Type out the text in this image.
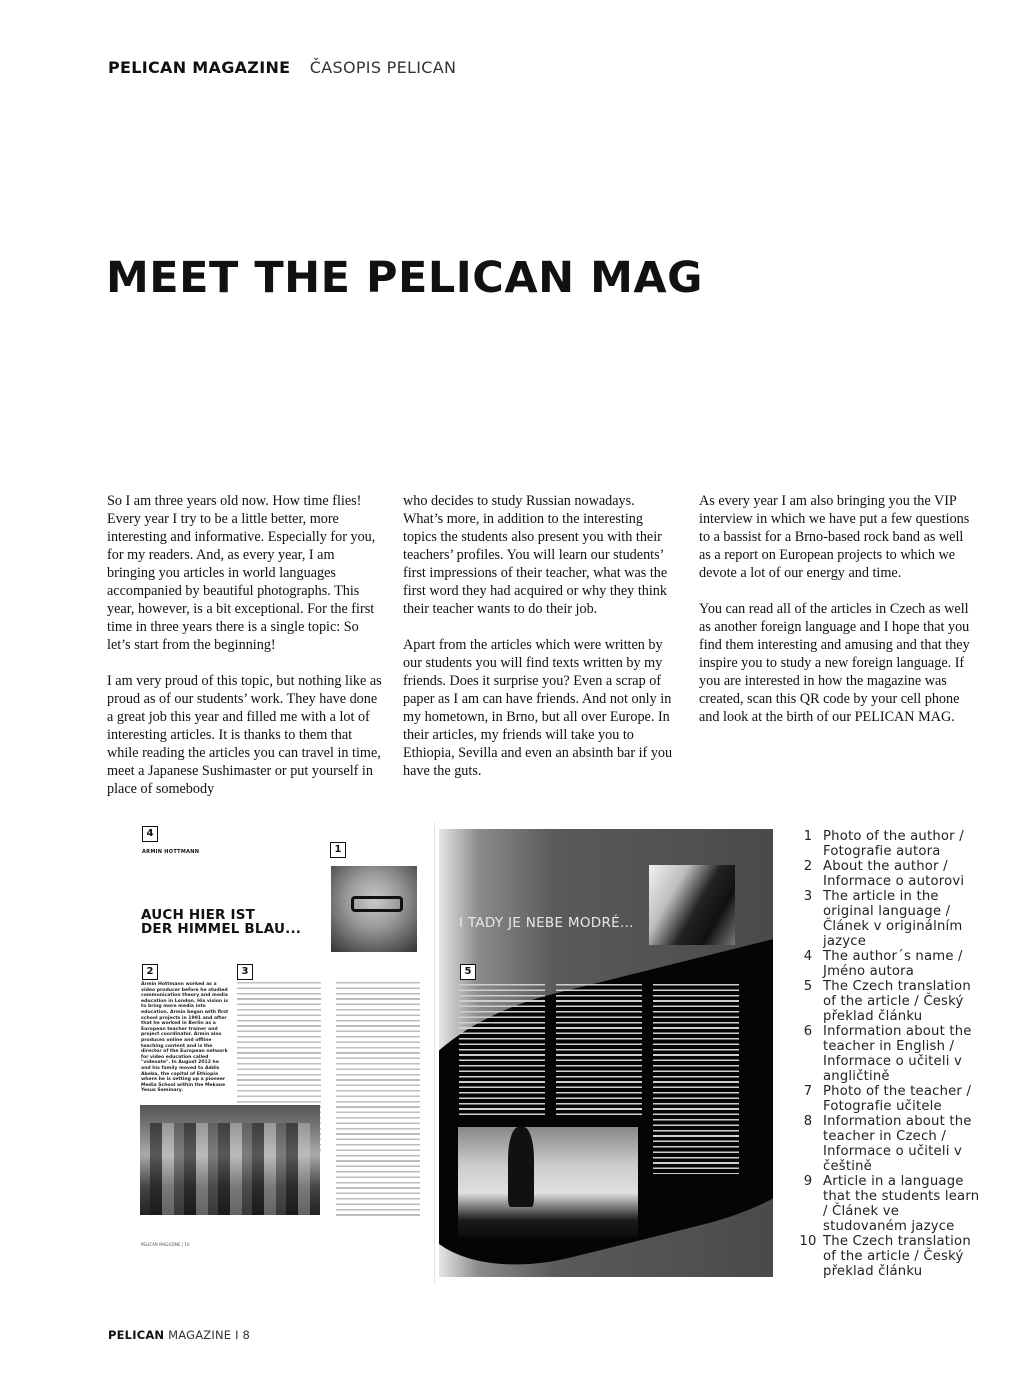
PELICAN MAGAZINE ČASOPIS PELICAN
MEET THE PELICAN MAG

So I am three years old now. How time flies! Every year I try to be a little better, more interesting and informative. Especially for you, for my readers. And, as every year, I am bringing you articles in world languages accompanied by beautiful photographs. This year, however, is a bit exceptional. For the first time in three years there is a single topic: So let’s start from the beginning!

I am very proud of this topic, but nothing like as proud as of our students’ work. They have done a great job this year and filled me with a lot of interesting articles. It is thanks to them that while reading the articles you can travel in time, meet a Japanese Sushimaster or put yourself in place of somebody

who decides to study Russian nowadays. What’s more, in addition to the interesting topics the students also present you with their teachers’ profiles. You will learn our students’ first impressions of their teacher, what was the first word they had acquired or why they think their teacher wants to do their job.

Apart from the articles which were written by our students you will find texts written by my friends. Does it surprise you? Even a scrap of paper as I am can have friends. And not only in my hometown, in Brno, but all over Europe. In their articles, my friends will take you to Ethiopia, Sevilla and even an absinth bar if you have the guts.

As every year I am also bringing you the VIP interview in which we have put a few questions to a bassist for a Brno-based rock band as well as a report on European projects to which we devote a lot of our energy and time.

You can read all of the articles in Czech as well as another foreign language and I hope that you find them interesting and amusing and that they inspire you to study a new foreign language. If you are interested in how the magazine was created, scan this QR code by your cell phone and look at the birth of our PELICAN MAG.

4
ARMIN HOTTMANN	1
AUCH HIER IST
DER HIMMEL BLAU...
2	3
Armin Hottmann worked as a video producer before he studied communication theory and media education in London. His vision is to bring more media into education. Armin began with first school projects in 1991 and after that he worked in Berlin as a European teacher trainer and project coordinator. Armin also produces online and offline teaching content and is the director of the European network for video education called "videoate". In August 2012 he and his family moved to Addis Abeba, the capital of Ethiopia where he is setting up a pioneer Media School within the Mekane Yesus Seminary.
PELICAN MAGAZINE | 10
I TADY JE NEBE MODRÉ...
5
1 Photo of the author / Fotografie autora
2 About the author / Informace o autorovi
3 The article in the original language / Článek v originálním jazyce
4 The author´s name / Jméno autora
5 The Czech translation of the article / Český překlad článku
6 Information about the teacher in English / Informace o učiteli v angličtině
7 Photo of the teacher / Fotografie učitele
8 Information about the teacher in Czech / Informace o učiteli v češtině
9 Article in a language that the students learn / Článek ve studovaném jazyce
10 The Czech translation of the article / Český překlad článku
PELICAN MAGAZINE I 8
